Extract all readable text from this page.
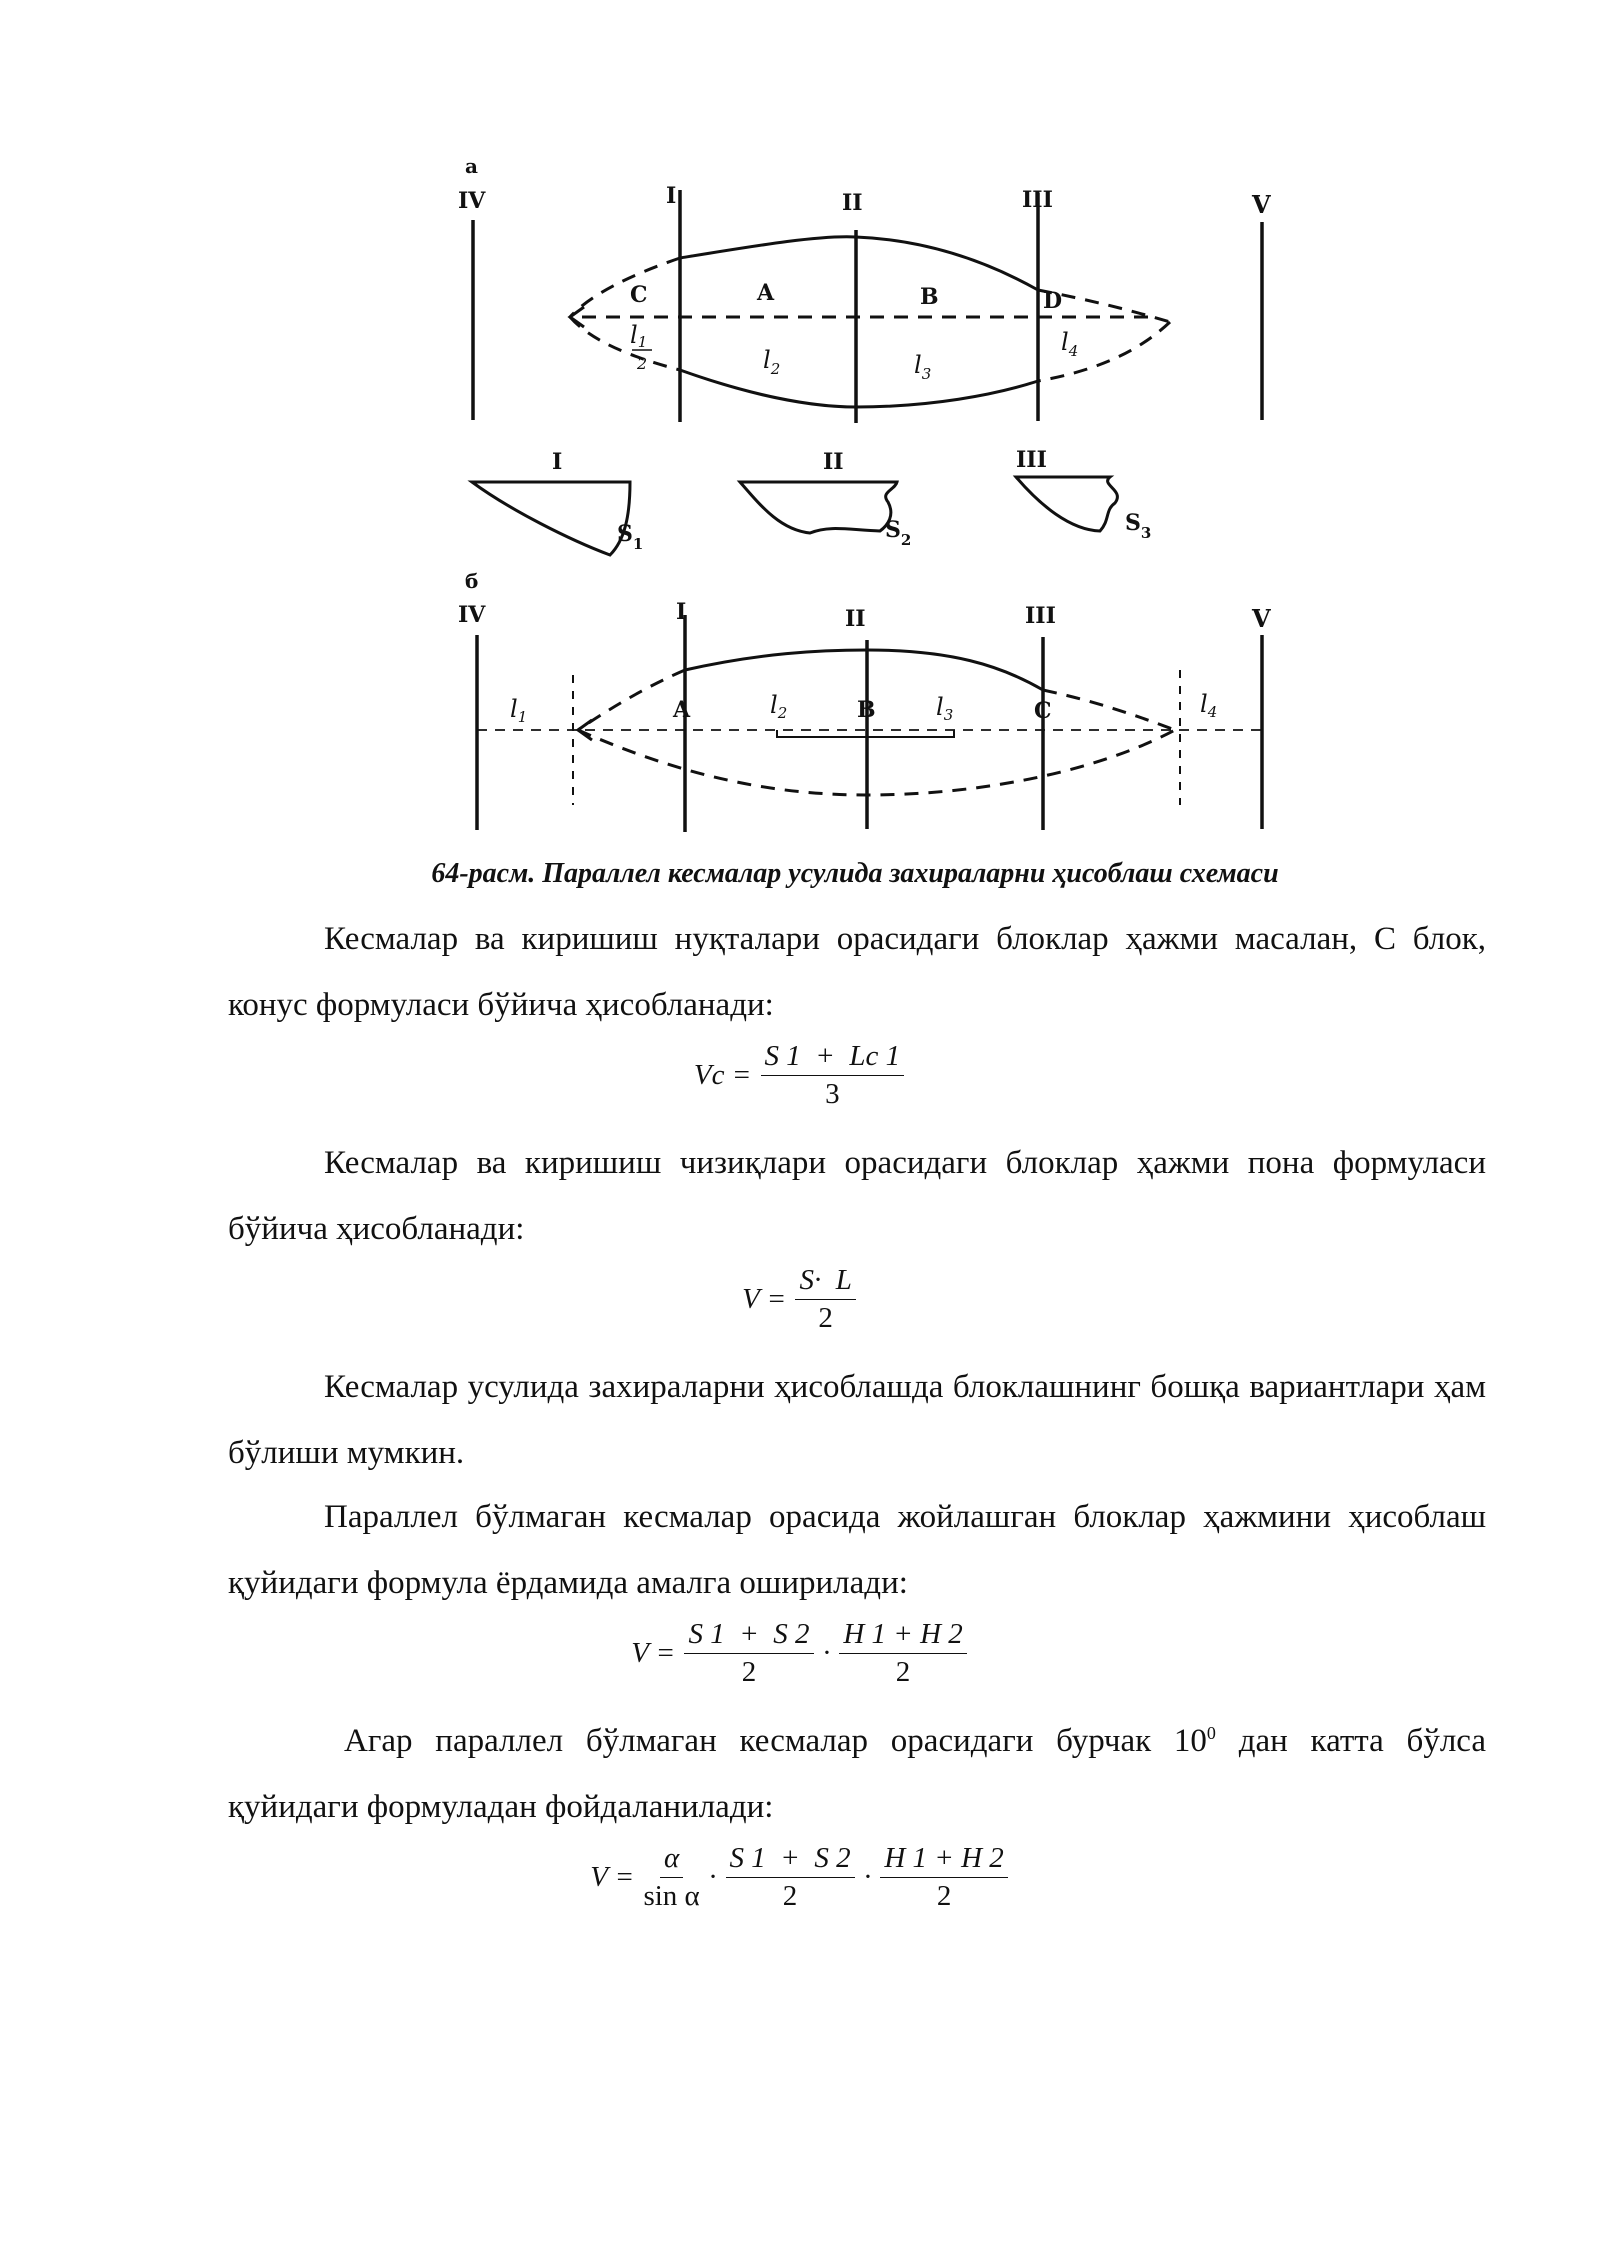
а
IV	I	II	III	V
C	A	B	D
l1
2	$l_2$	$l_3$
$l_4$
I	II	III
$S_1$
$S_2$
$S_3$
б
IV	I	II	III	V
A	B	C
$l_1$	$l_2$	$l_3$	$l_4$
64-расм. Параллел кесмалар усулида захираларни ҳисоблаш схемаси

Кесмалар ва киришиш нуқталари орасидаги блоклар ҳажми масалан, С блок, конус формуласи бўйича ҳисобланади:

$Vc = \frac{S 1 + Lc 1}{3}$

Кесмалар ва киришиш чизиқлари орасидаги блоклар ҳажми пона формуласи бўйича ҳисобланади:

$V = \frac{S\cdot L}{2}$

Кесмалар усулида захираларни ҳисоблашда блоклашнинг бошқа вариантлари ҳам бўлиши мумкин.

Параллел бўлмаган кесмалар орасида жойлашган блоклар ҳажмини ҳисоблаш қуйидаги формула ёрдамида амалга оширилади:

$V = \frac{S 1 + S 2}{2} \cdot \frac{H 1 + H 2}{2}$

Агар параллел бўлмаган кесмалар орасидаги бурчак $10^0$ дан катта бўлса қуйидаги формуладан фойдаланилади:

$V = \frac{\alpha}{\text{sin α}} \cdot \frac{S 1 + S 2}{2} \cdot \frac{H 1 + H 2}{2}$
